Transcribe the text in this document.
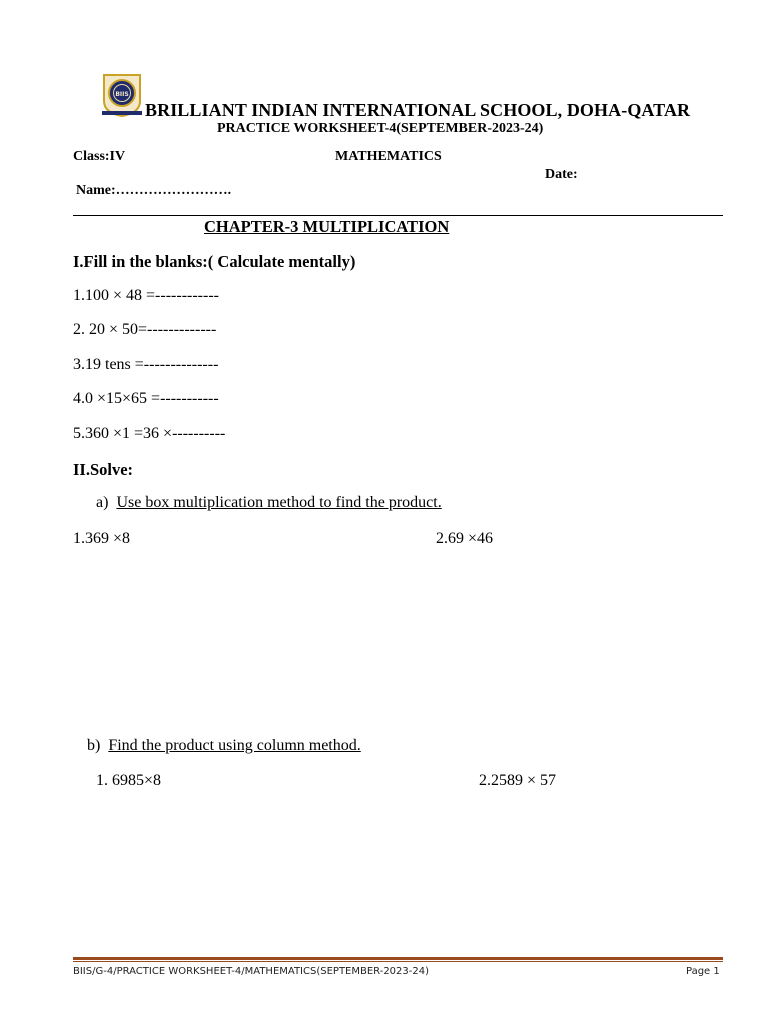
BIIS
BRILLIANT INDIAN INTERNATIONAL SCHOOL, DOHA-QATAR
PRACTICE WORKSHEET-4(SEPTEMBER-2023-24)
Class:IV	MATHEMATICS
Date:
Name:…………………….
CHAPTER-3 MULTIPLICATION
I.Fill in the blanks:( Calculate mentally)
1.100 × 48 =------------
2. 20 × 50=-------------
3.19 tens =--------------
4.0 ×15×65 =-----------
5.360 ×1 =36 ×----------
II.Solve:
a) Use box multiplication method to find the product.
1.369 ×8	2.69 ×46
b) Find the product using column method.
1. 6985×8	2.2589 × 57
BIIS/G-4/PRACTICE WORKSHEET-4/MATHEMATICS(SEPTEMBER-2023-24)	Page 1
